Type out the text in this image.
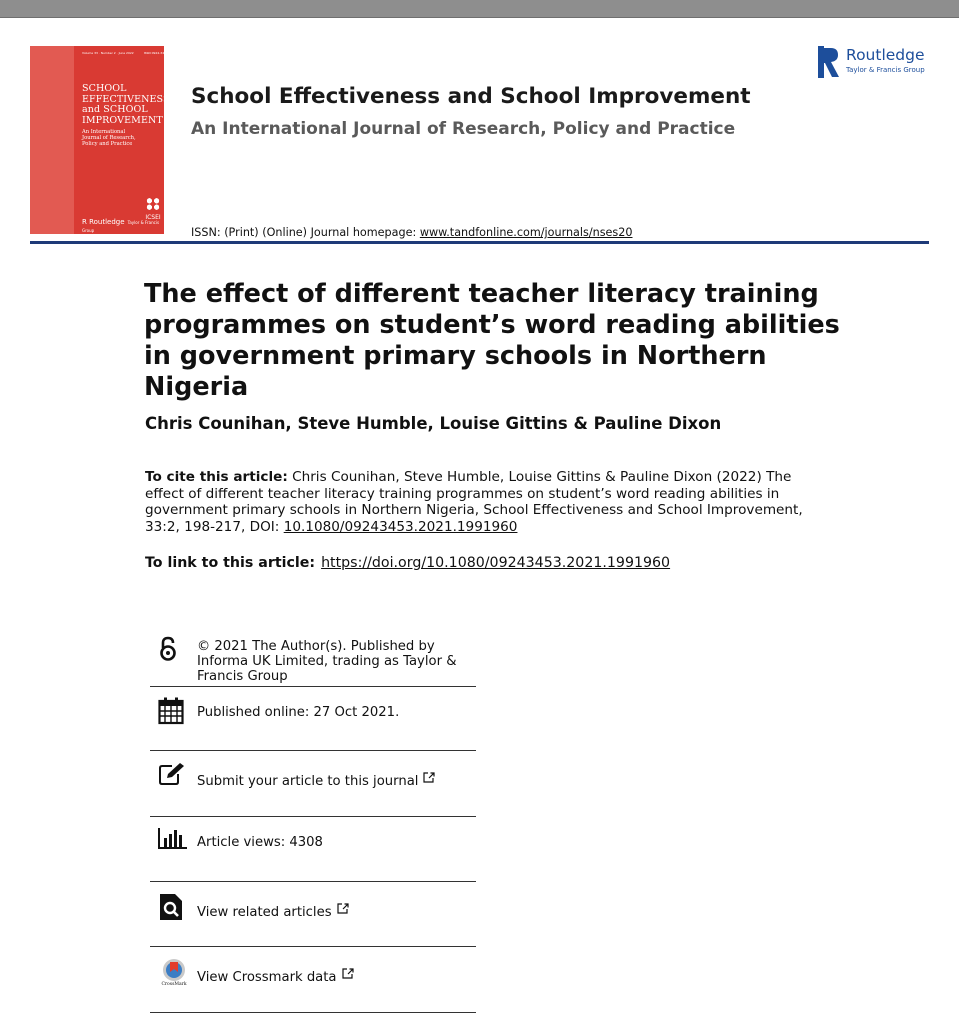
Volume 33 · Number 2 · June 2022	ISSN 0924-3453
SCHOOL
EFFECTIVENESS
and SCHOOL
IMPROVEMENT
An International
Journal of Research,
Policy and Practice
R Routledge Taylor & Francis Group
ICSEI
School Effectiveness and School Improvement
An International Journal of Research, Policy and Practice
ISSN: (Print) (Online) Journal homepage: www.tandfonline.com/journals/nses20
Routledge
Taylor & Francis Group
The effect of different teacher literacy training programmes on student’s word reading abilities in government primary schools in Northern Nigeria
Chris Counihan, Steve Humble, Louise Gittins & Pauline Dixon
To cite this article: Chris Counihan, Steve Humble, Louise Gittins & Pauline Dixon (2022) The effect of different teacher literacy training programmes on student’s word reading abilities in government primary schools in Northern Nigeria, School Effectiveness and School Improvement, 33:2, 198-217, DOI: 10.1080/09243453.2021.1991960
To link to this article: https://doi.org/10.1080/09243453.2021.1991960
© 2021 The Author(s). Published by Informa UK Limited, trading as Taylor & Francis Group
Published online: 27 Oct 2021.
Submit your article to this journal
Article views: 4308
View related articles
CrossMark View Crossmark data
